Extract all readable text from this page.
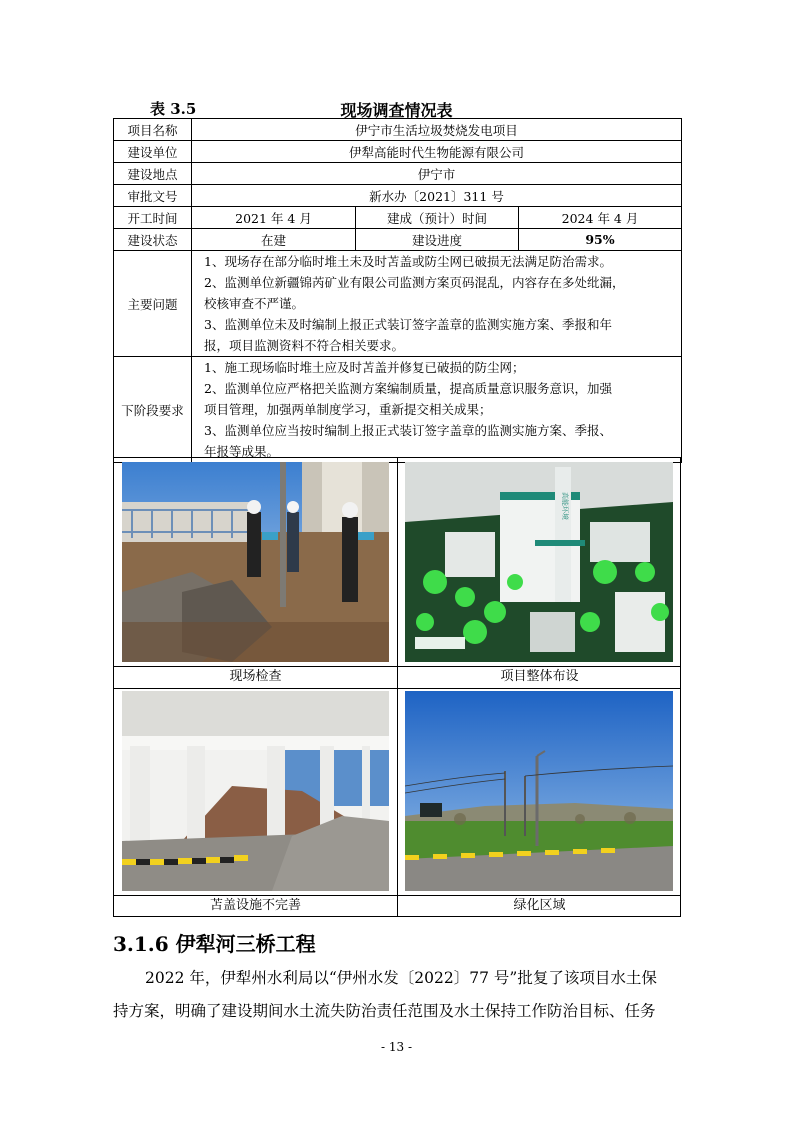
表 3.5	现场调查情况表
项目名称	伊宁市生活垃圾焚烧发电项目		
建设单位	伊犁高能时代生物能源有限公司		
建设地点	伊宁市		
审批文号	新水办〔2021〕311 号		
开工时间	2021 年 4 月	建成（预计）时间	2024 年 4 月
建设状态	在建	建设进度	95%
主要问题	1、现场存在部分临时堆土未及时苫盖或防尘网已破损无法满足防治需求。
2、监测单位新疆锦芮矿业有限公司监测方案页码混乱，内容存在多处纰漏，
校核审查不严谨。
3、监测单位未及时编制上报正式装订签字盖章的监测实施方案、季报和年
报，项目监测资料不符合相关要求。		

下阶段要求	1、施工现场临时堆土应及时苫盖并修复已破损的防尘网；
2、监测单位应严格把关监测方案编制质量，提高质量意识服务意识，加强
项目管理，加强两单制度学习，重新提交相关成果；
3、监测单位应当按时编制上报正式装订签字盖章的监测实施方案、季报、
年报等成果。		
现场检查
高能环境
项目整体布设
苫盖设施不完善	绿化区域
3.1.6 伊犁河三桥工程
2022 年，伊犁州水利局以“伊州水发〔2022〕77 号”批复了该项目水土保
持方案，明确了建设期间水土流失防治责任范围及水土保持工作防治目标、任务
- 13 -
